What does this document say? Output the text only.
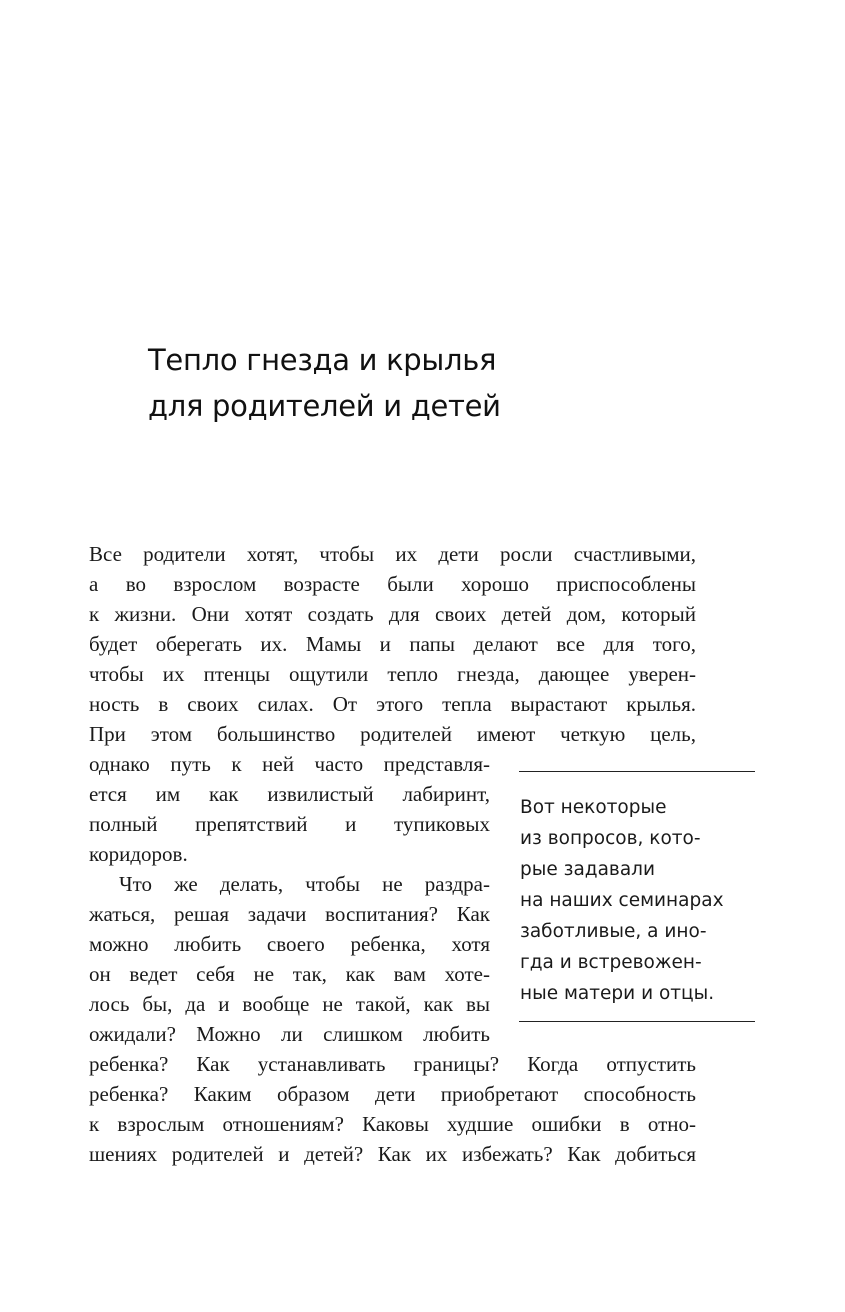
Тепло гнезда и крылья
для родителей и детей
Все родители хотят, чтобы их дети росли счастливыми,
а во взрослом возрасте были хорошо приспособлены
к жизни. Они хотят создать для своих детей дом, который
будет оберегать их. Мамы и папы делают все для того,
чтобы их птенцы ощутили тепло гнезда, дающее уверен-
ность в своих силах. От этого тепла вырастают крылья.
При этом большинство родителей имеют четкую цель,
однако путь к ней часто представля-
ется им как извилистый лабиринт,
полный препятствий и тупиковых
коридоров.
Что же делать, чтобы не раздра-
жаться, решая задачи воспитания? Как
можно любить своего ребенка, хотя
он ведет себя не так, как вам хоте-
лось бы, да и вообще не такой, как вы
ожидали? Можно ли слишком любить
ребенка? Как устанавливать границы? Когда отпустить
ребенка? Каким образом дети приобретают способность
к взрослым отношениям? Каковы худшие ошибки в отно-
шениях родителей и детей? Как их избежать? Как добиться
Вот некоторые
из вопросов, кото-
рые задавали
на наших семинарах
заботливые, а ино-
гда и встревожен-
ные матери и отцы.
